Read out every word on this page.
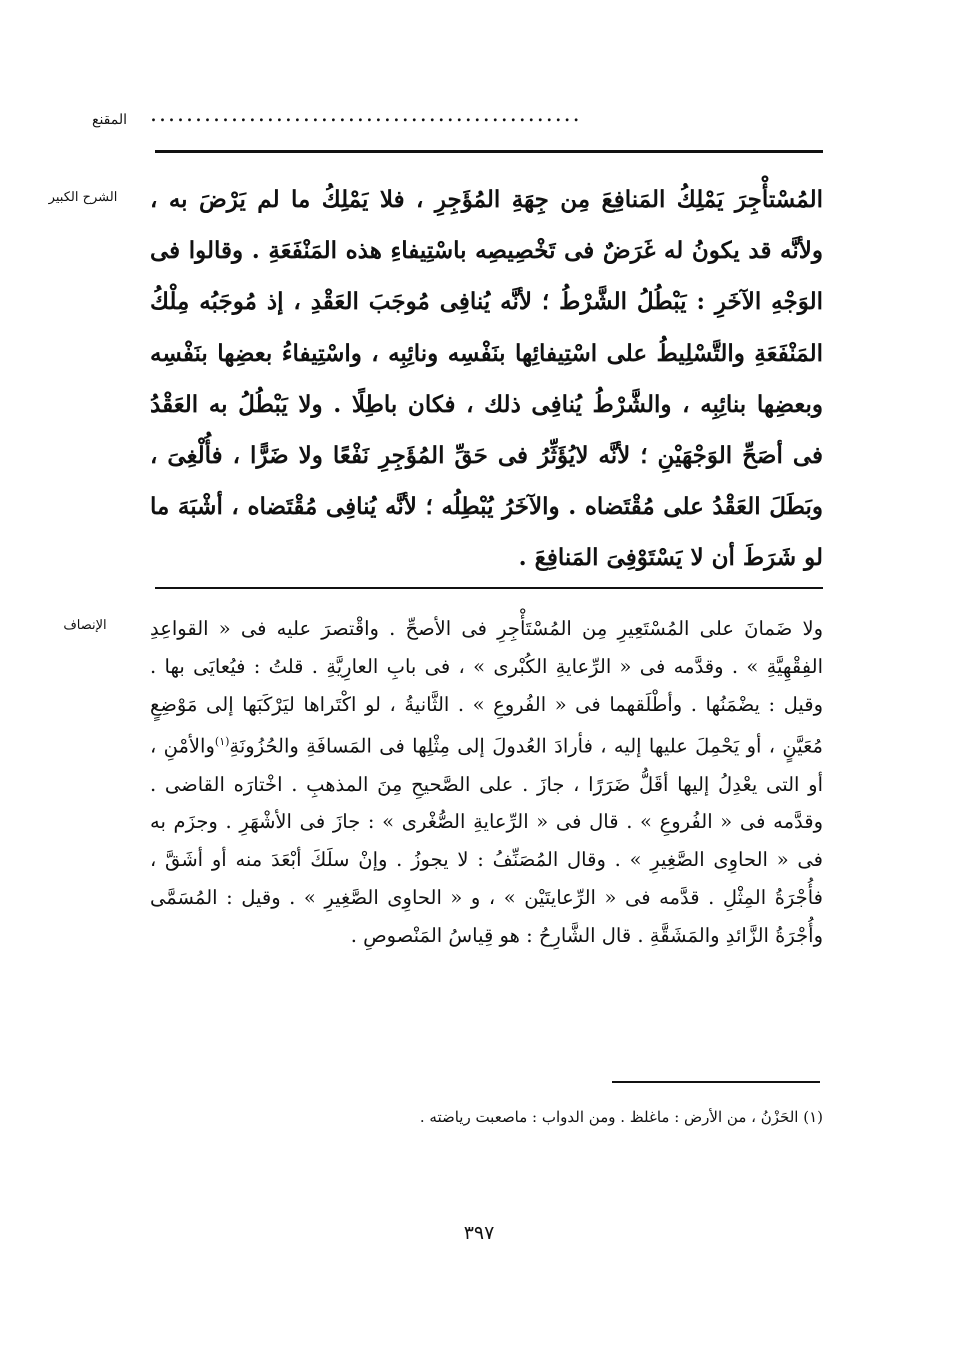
المقنع ................................................
الشرح الكبير	المُسْتأْجِرَ يَمْلِكُ المَنافِعَ مِن جِهَةِ المُؤَجِرِ ، فلا يَمْلِكُ ما لم يَرْضَ به ، ولأنَّه قد يكونُ له غَرَضٌ فى تَخْصِيصِه باسْتِيفاءِ هذه المَنْفَعَةِ . وقالوا فى الوَجْهِ الآخَرِ : يَبْطُلُ الشَّرْطُ ؛ لأنَّه يُنافِى مُوجَبَ العَقْدِ ، إذ مُوجَبُه مِلْكُ المَنْفَعَةِ والتَّسْلِيطُ على اسْتِيفائِها بنَفْسِه ونائِبِه ، واسْتِيفاءُ بعضِها بنَفْسِه وبعضِها بنائِبِه ، والشَّرْطُ يُنافِى ذلك ، فكان باطِلًا . ولا يَبْطُلُ به العَقْدُ فى أصَحِّ الوَجْهَيْنِ ؛ لأنَّه لايُؤَثِّرُ فى حَقِّ المُؤَجِرِ نَفْعًا ولا ضَرًّا ، فأُلْغِىَ ، وبَطَلَ العَقْدُ على مُقْتَضاه . والآخَرُ يُبْطِلُه ؛ لأنَّه يُنافِى مُقْتَضاه ، أشْبَهَ ما لو شَرَطَ أن لا يَسْتَوْفِىَ المَنافِعَ .

الإنصاف	ولا ضَمانَ على المُسْتَعِيرِ مِن المُسْتَأْجِرِ فى الأصحِّ . واقْتصرَ عليه فى « القواعِدِ الفِقْهِيَّةِ » . وقدَّمه فى « الرِّعايةِ الكُبْرى » ، فى بابِ العارِيَّةِ . قلتُ : فيُعايَى بها . وقيل : يضْمَنُها . وأطْلَقهما فى « الفُروعِ » . الثَّانيةُ ، لو اكْتَراها ليَرْكَبَها إلى مَوْضِعٍ مُعَيَّنٍ ، أو يَحْمِلَ عليها إليه ، فأرادَ العُدولَ إلى مِثْلِها فى المَسافَةِ والحُزُونَةِ$^{(١)}$والأمْنِ ، أو التى يعْدِلُ إليها أقَلُّ ضَرَرًا ، جازَ . على الصَّحيحِ مِنَ المذهبِ . اخْتارَه القاضى . وقدَّمه فى « الفُروعِ » . قال فى « الرِّعايةِ الصُّغْرى » : جازَ فى الأشْهَرِ . وجزَم به فى « الحاوِى الصَّغِيرِ » . وقال المُصَنِّفُ : لا يجوزُ . وإنْ سلَكَ أبْعَدَ منه أو أشَقَّ ، فأُجْرَةُ المِثْلِ . قدَّمه فى « الرِّعايتَيْن » ، و « الحاوِى الصَّغِيرِ » . وقيل : المُسَمَّى وأُجْرَةُ الزَّائدِ والمَشَقَّةِ . قال الشَّارِحُ : هو قِياسُ المَنْصوصِ .

(١) الحَزْنُ ، من الأرض : ماغلظ . ومن الدواب : ماصعبت رياضته .
٣٩٧
